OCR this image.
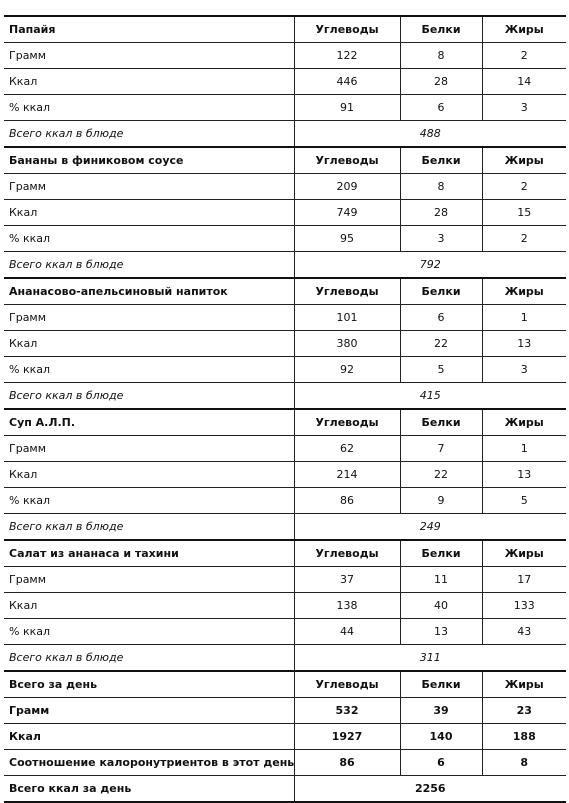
Папайя	Углеводы	Белки	Жиры
Грамм	122	8	2
Ккал	446	28	14
% ккал	91	6	3
Всего ккал в блюде	488		
Бананы в финиковом соусе	Углеводы	Белки	Жиры
Грамм	209	8	2
Ккал	749	28	15
% ккал	95	3	2
Всего ккал в блюде	792		
Ананасово-апельсиновый напиток	Углеводы	Белки	Жиры
Грамм	101	6	1
Ккал	380	22	13
% ккал	92	5	3
Всего ккал в блюде	415		
Суп А.Л.П.	Углеводы	Белки	Жиры
Грамм	62	7	1
Ккал	214	22	13
% ккал	86	9	5
Всего ккал в блюде	249		
Салат из ананаса и тахини	Углеводы	Белки	Жиры
Грамм	37	11	17
Ккал	138	40	133
% ккал	44	13	43
Всего ккал в блюде	311		
Всего за день	Углеводы	Белки	Жиры
Грамм	532	39	23
Ккал	1927	140	188
Соотношение калоронутриентов в этот день	86	6	8
Всего ккал за день	2256		
